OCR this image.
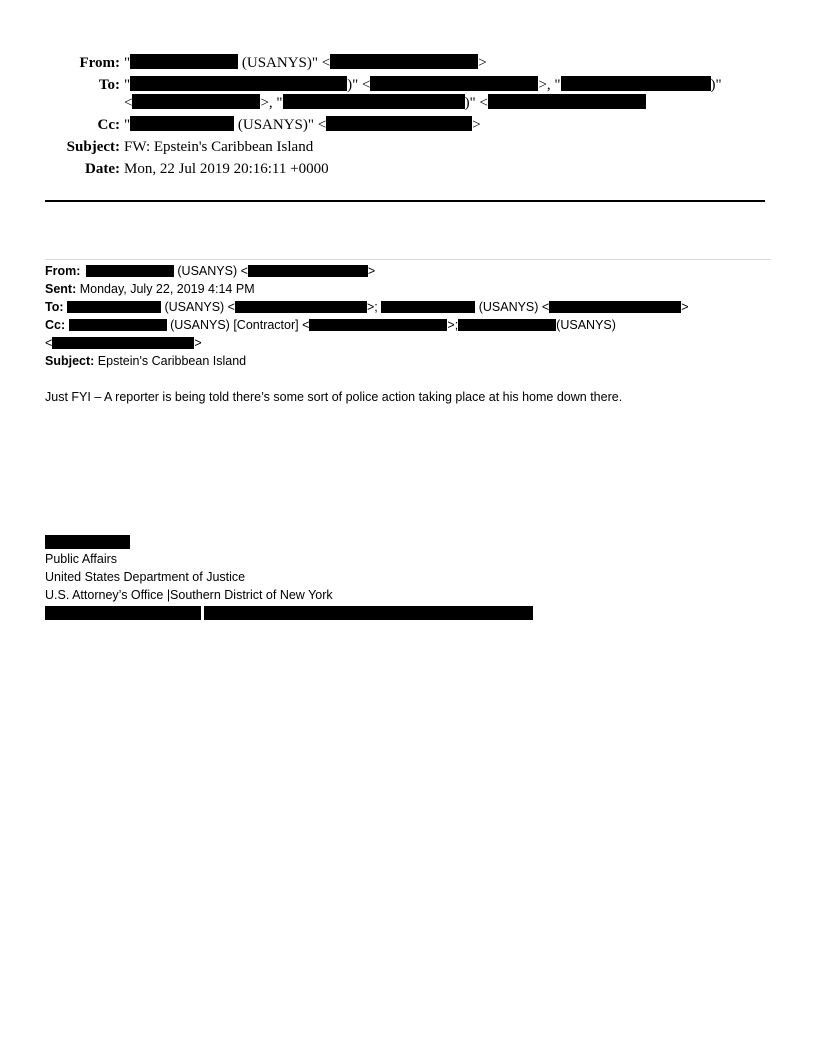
From: "	(USANYS)" <	>
To: "	)" <	>, "	)"
<	>, "	)" <
Cc: "	(USANYS)" <	>
Subject: FW: Epstein's Caribbean Island
Date: Mon, 22 Jul 2019 20:16:11 +0000
From:	(USANYS) <	>
Sent: Monday, July 22, 2019 4:14 PM
To:	(USANYS) <	>;	(USANYS) <	>
Cc:	(USANYS) [Contractor] <	>;	(USANYS)
<	>
Subject: Epstein's Caribbean Island
Just FYI – A reporter is being told there’s some sort of police action taking place at his home down there.
Public Affairs
United States Department of Justice
U.S. Attorney’s Office |Southern District of New York
